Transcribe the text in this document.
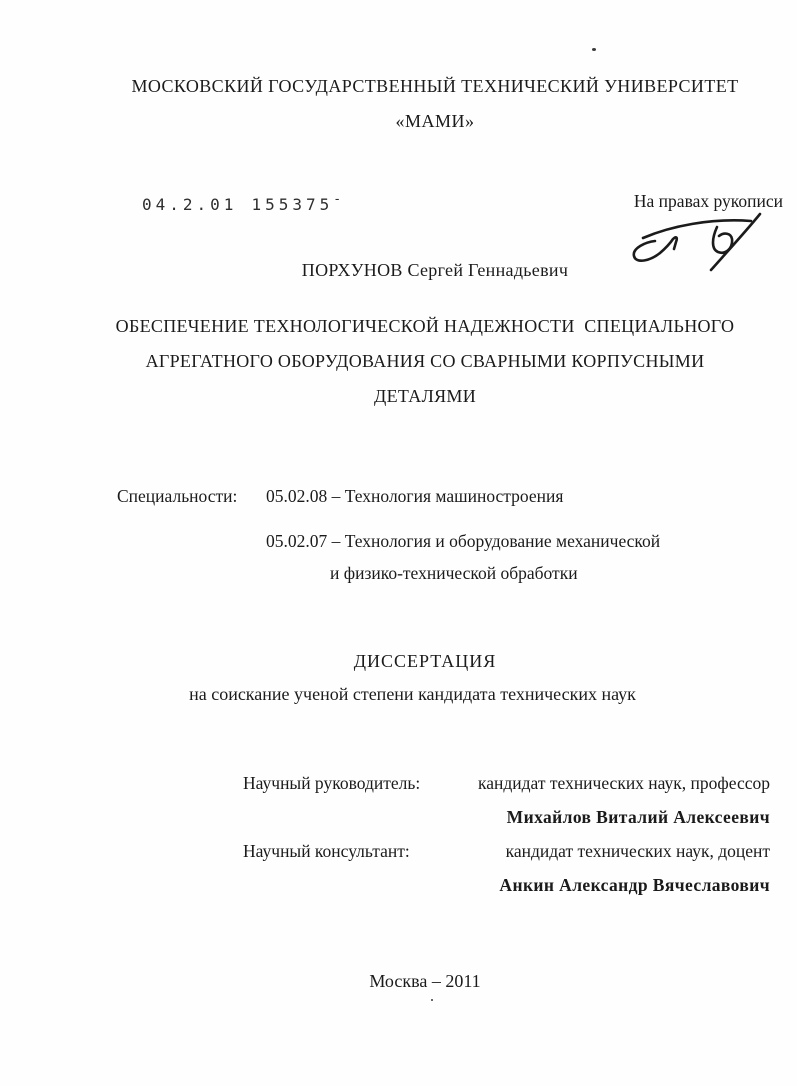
МОСКОВСКИЙ ГОСУДАРСТВЕННЫЙ ТЕХНИЧЕСКИЙ УНИВЕРСИТЕТ
«МАМИ»
04.2.01 155375-	На правах рукописи
ПОРХУНОВ Сергей Геннадьевич
ОБЕСПЕЧЕНИЕ ТЕХНОЛОГИЧЕСКОЙ НАДЕЖНОСТИ  СПЕЦИАЛЬНОГО
АГРЕГАТНОГО ОБОРУДОВАНИЯ СО СВАРНЫМИ КОРПУСНЫМИ
ДЕТАЛЯМИ
Специальности: 05.02.08 – Технология машиностроения
05.02.07 – Технология и оборудование механической
и физико-технической обработки
ДИССЕРТАЦИЯ
на соискание ученой степени кандидата технических наук
Научный руководитель:	кандидат технических наук, профессор
Михайлов Виталий Алексеевич
Научный консультант:	кандидат технических наук, доцент
Анкин Александр Вячеславович
Москва – 2011
